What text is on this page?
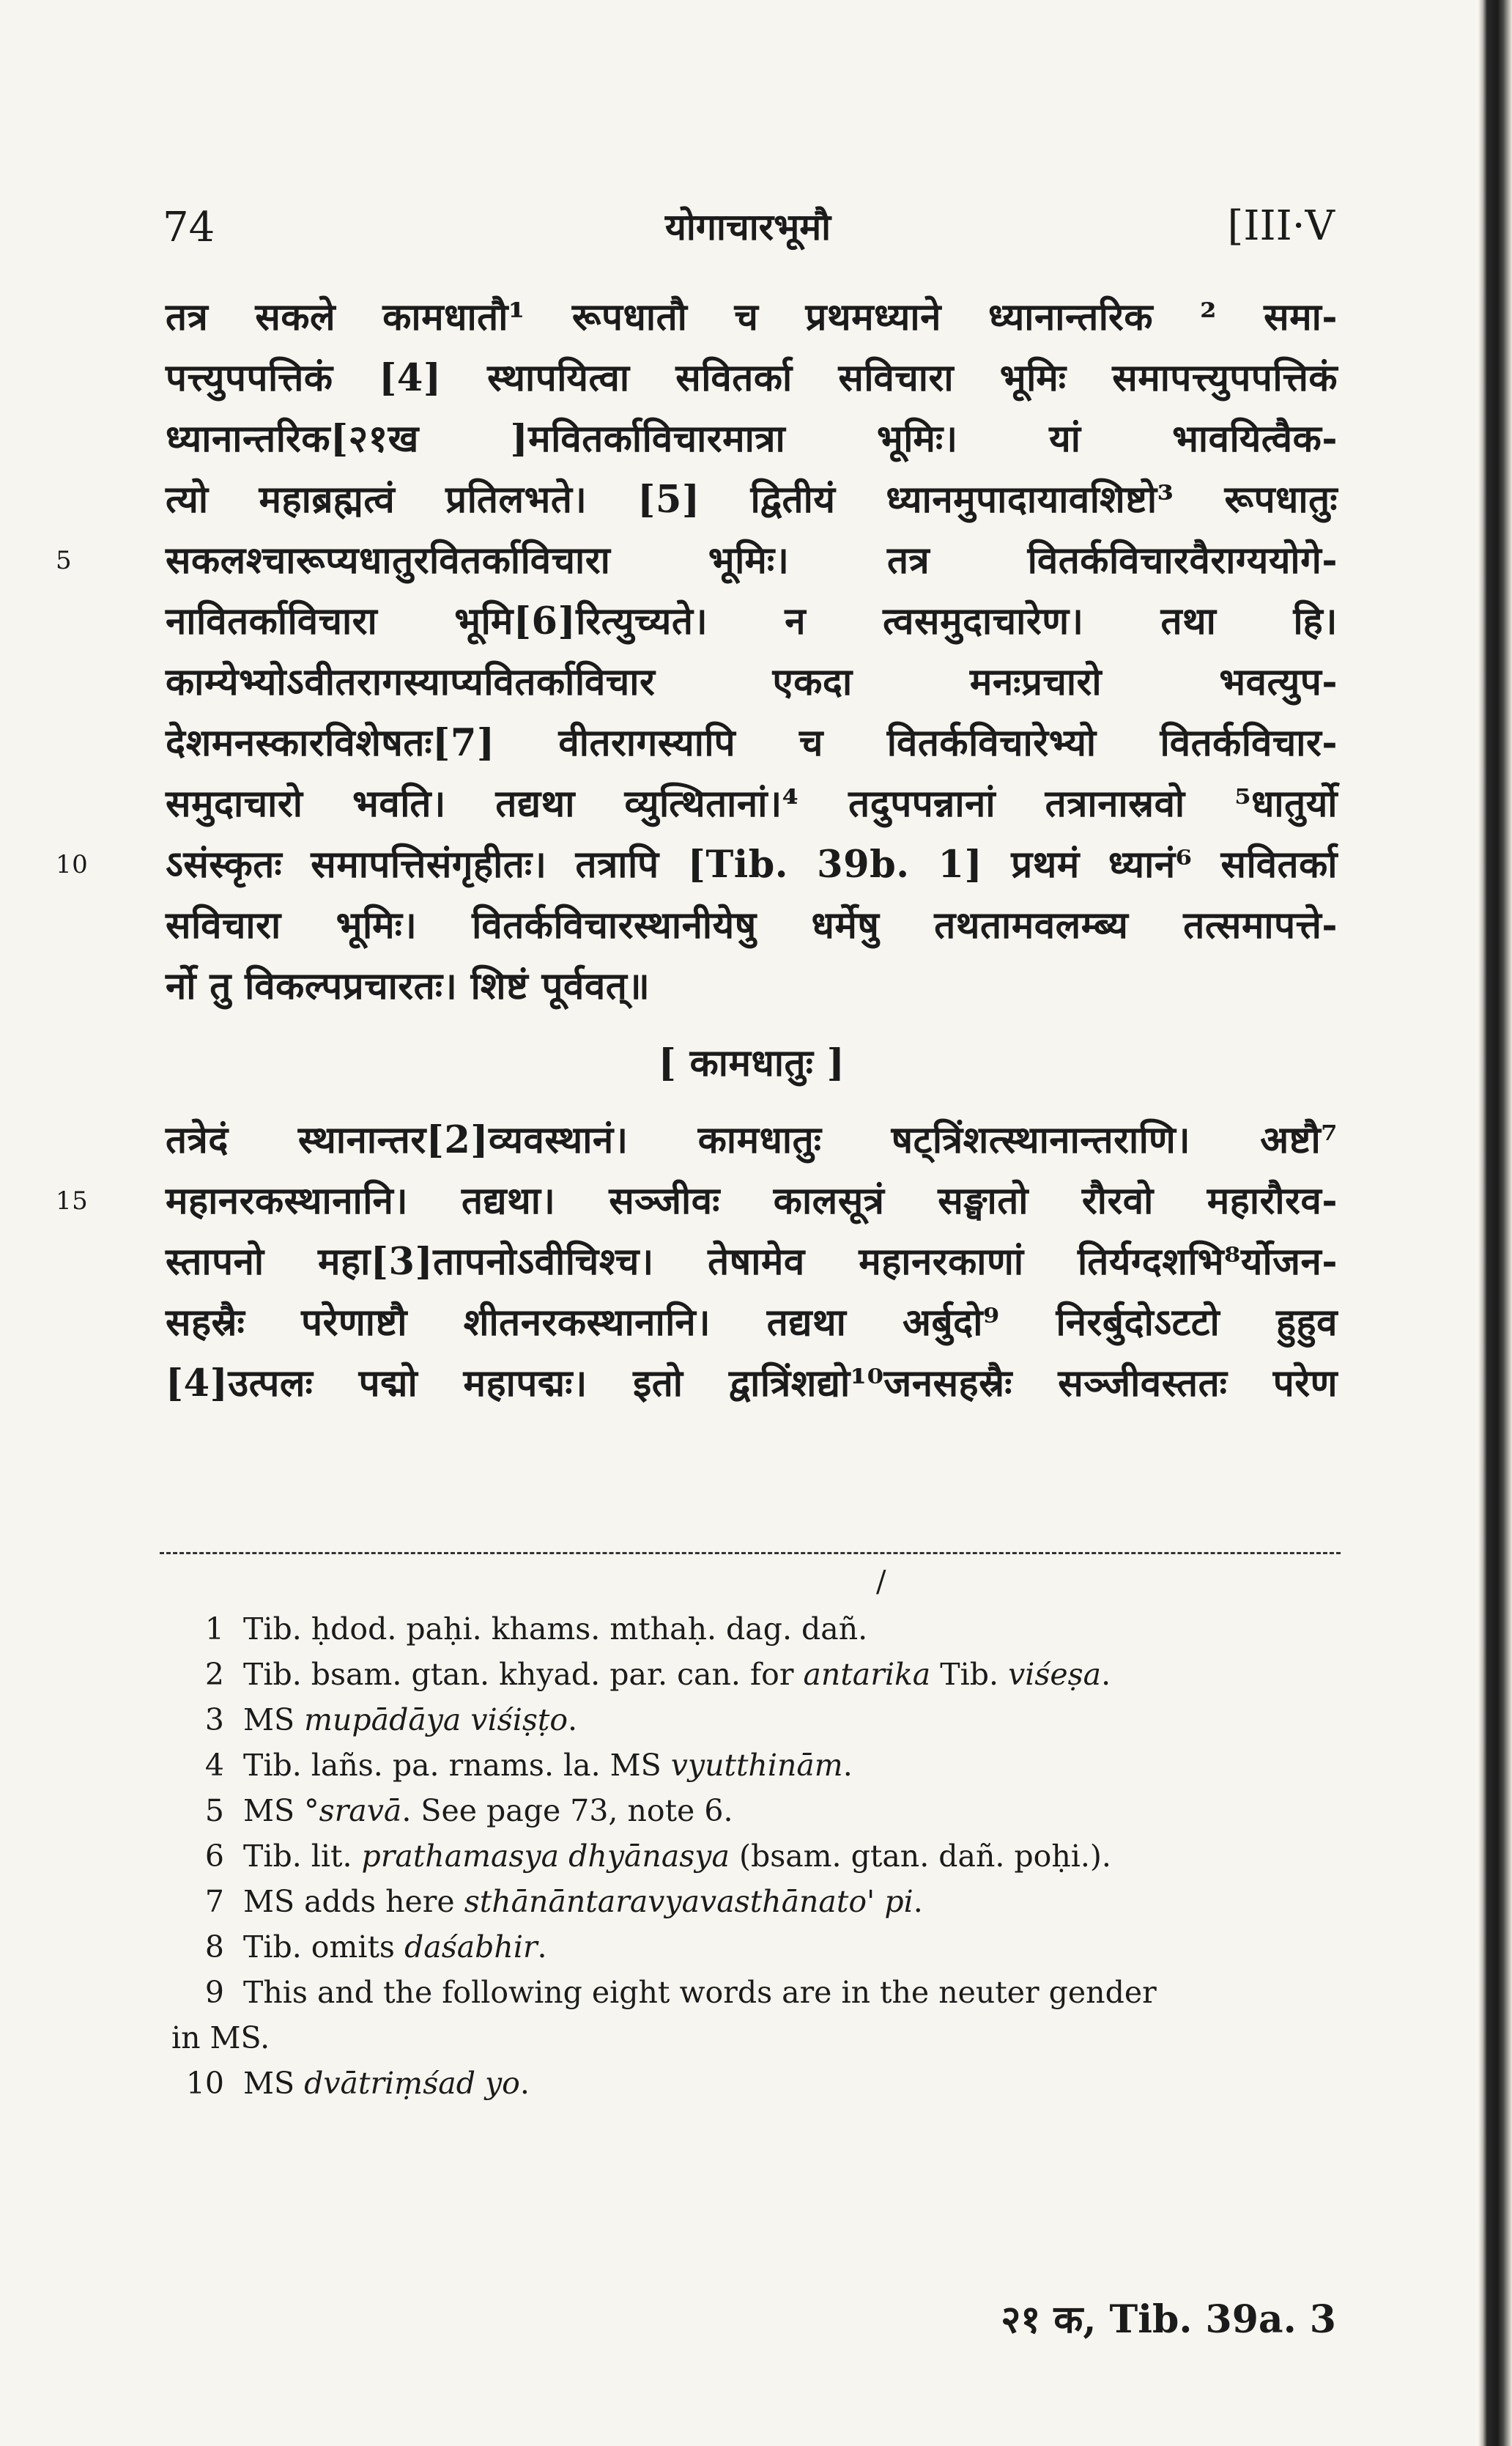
74	योगाचारभूमौ	[III·V
तत्र सकले कामधातौ¹ रूपधातौ च प्रथमध्याने ध्यानान्तरिक ² समा-
पत्त्युपपत्तिकं [4] स्थापयित्वा सवितर्का सविचारा भूमिः समापत्त्युपपत्तिकं
ध्यानान्तरिक[२१ख ]मवितर्काविचारमात्रा भूमिः। यां भावयित्वैक-
त्यो महाब्रह्मत्वं प्रतिलभते। [5] द्वितीयं ध्यानमुपादायावशिष्टो³ रूपधातुः
5	सकलश्चारूप्यधातुरवितर्काविचारा भूमिः। तत्र वितर्कविचारवैराग्ययोगे-
नावितर्काविचारा भूमि[6]रित्युच्यते। न त्वसमुदाचारेण। तथा हि।
काम्येभ्योऽवीतरागस्याप्यवितर्काविचार एकदा मनःप्रचारो भवत्युप-
देशमनस्कारविशेषतः[7] वीतरागस्यापि च वितर्कविचारेभ्यो वितर्कविचार-
समुदाचारो भवति। तद्यथा व्युत्थितानां।⁴ तदुपपन्नानां तत्रानास्रवो ⁵धातुर्यो
10	ऽसंस्कृतः समापत्तिसंगृहीतः। तत्रापि [Tib. 39b. 1] प्रथमं ध्यानं⁶ सवितर्का
सविचारा भूमिः। वितर्कविचारस्थानीयेषु धर्मेषु तथतामवलम्ब्य तत्समापत्ते-
र्नो तु विकल्पप्रचारतः। शिष्टं पूर्ववत्॥
[ कामधातुः ]
तत्रेदं स्थानान्तर[2]व्यवस्थानं। कामधातुः षट्त्रिंशत्स्थानान्तराणि। अष्टौ⁷
15	महानरकस्थानानि। तद्यथा। सञ्जीवः कालसूत्रं सङ्घातो रौरवो महारौरव-
स्तापनो महा[3]तापनोऽवीचिश्च। तेषामेव महानरकाणां तिर्यग्दशभि⁸र्योजन-
सहस्रैः परेणाष्टौ शीतनरकस्थानानि। तद्यथा अर्बुदो⁹ निरर्बुदोऽटटो हुहुव
[4]उत्पलः पद्मो महापद्मः। इतो द्वात्रिंशद्यो¹⁰जनसहस्रैः सञ्जीवस्ततः परेण
/
1 Tib. ḥdod. paḥi. khams. mthaḥ. dag. dañ.
2 Tib. bsam. gtan. khyad. par. can. for antarika Tib. viśeṣa.
3 MS mupādāya viśiṣṭo.
4 Tib. lañs. pa. rnams. la. MS vyutthinām.
5 MS °sravā. See page 73, note 6.
6 Tib. lit. prathamasya dhyānasya (bsam. gtan. dañ. poḥi.).
7 MS adds here sthānāntaravyavasthānato' pi.
8 Tib. omits daśabhir.
9 This and the following eight words are in the neuter gender
in MS.
10 MS dvātriṃśad yo.
२१ क, Tib. 39a. 3
